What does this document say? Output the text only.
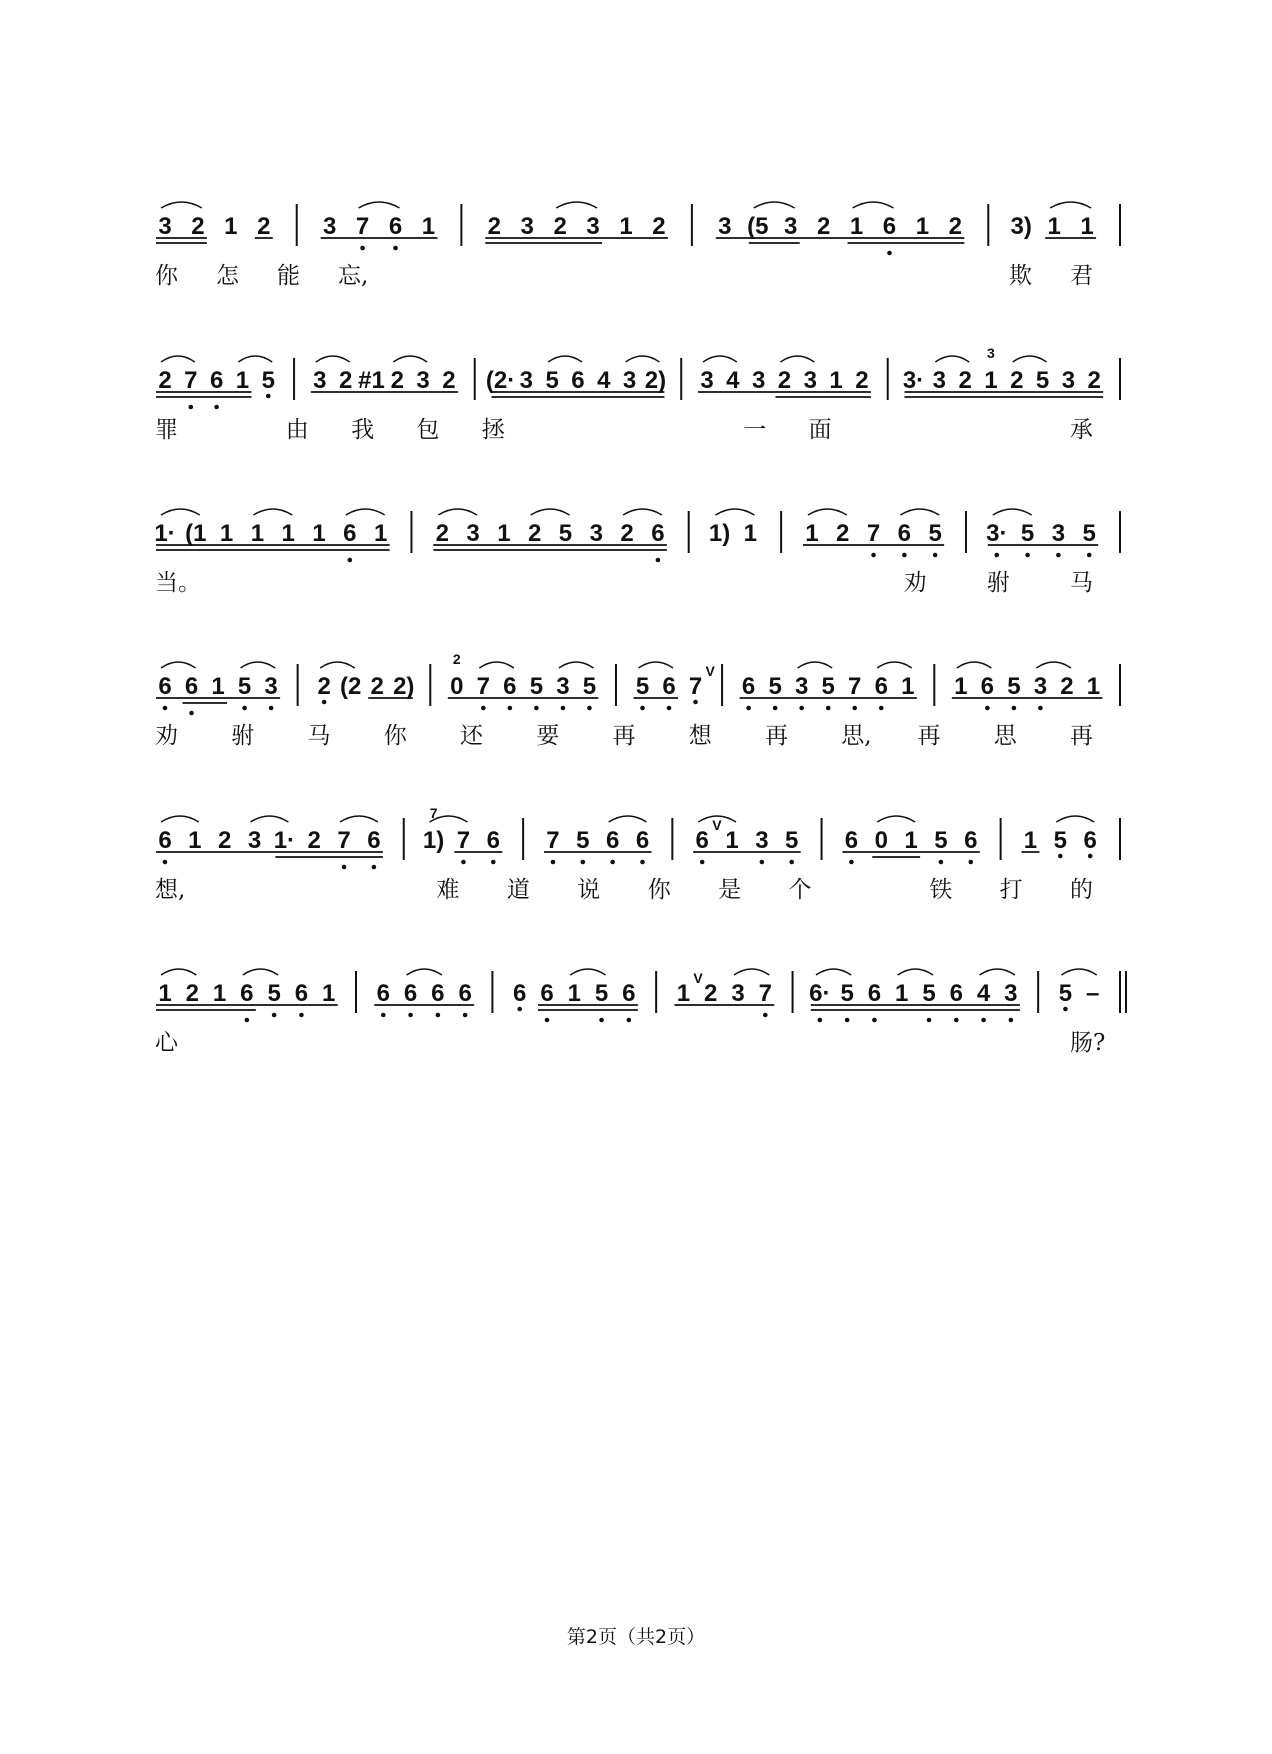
3 2 1 2 3 7 6 1 2 3 2 3 1 2 3 (5 3 2 1 6 1 2 3) 1 1
你 怎 能 忘,	欺 君
2 7 6 1 5 3 2 #1 2 3 2 (2· 3 5 6 4 3 2) 3 4 3 2 3 1 2 3· 3 2 1 2 5 3 2
3
罪	由 我 包 拯	一 面	承
1· (1 1 1 1 1 6 1 2 3 1 2 5 3 2 6 1) 1 1 2 7 6 5 3· 5 3 5
当。	劝	驸	马
6 6 1 5 3 2 (2 2 2) 0 7 6 5 3 5 5 6 7 6 5 3 5 7 6 1 1 6 5 3 2 1
2
V
劝 驸 马 你 还 要 再 想 再 思, 再 思 再
6 1 2 3 1· 2 7 6 1) 7 6 7 5 6 6 6 1 3 5 6 0 1 5 6 1 5 6
7
V
想,	难 道 说 你 是 个	铁 打 的
1 2 1 6 5 6 1 6 6 6 6 6 6 1 5 6 1 2 3 7 6· 5 6 1 5 6 4 3 5 –
V
心	肠?
第2页（共2页）
